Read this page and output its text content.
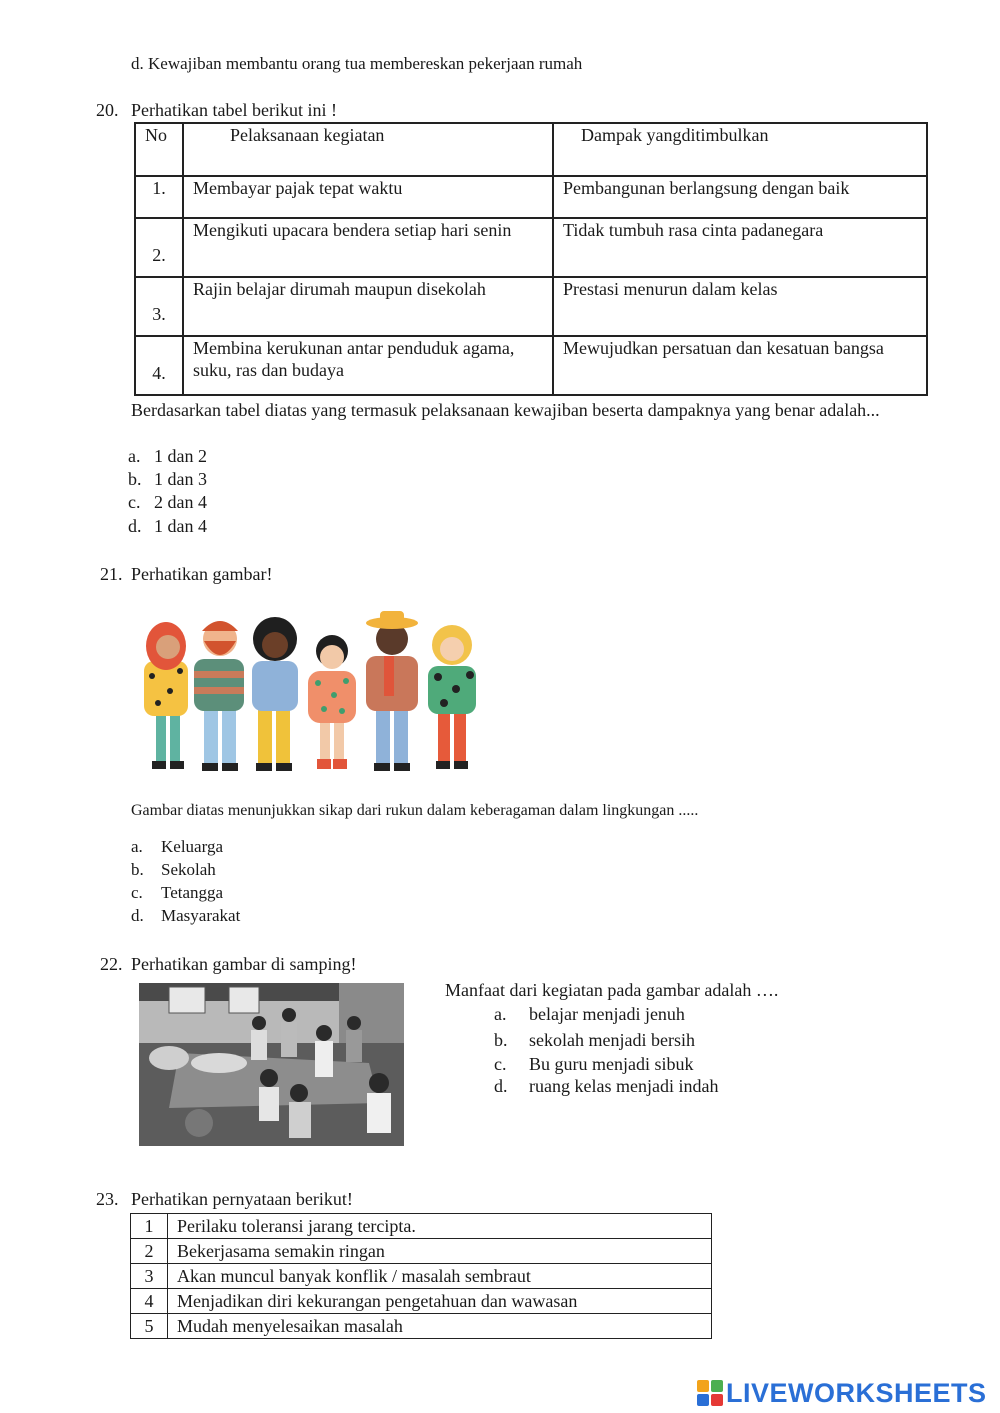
d. Kewajiban membantu orang tua membereskan pekerjaan rumah
20. Perhatikan tabel berikut ini !
No	Pelaksanaan kegiatan	Dampak yangditimbulkan
1.	Membayar pajak tepat waktu	Pembangunan berlangsung dengan baik
2.	Mengikuti upacara bendera setiap hari senin	Tidak tumbuh rasa cinta padanegara
3.	Rajin belajar dirumah maupun disekolah	Prestasi menurun dalam kelas
4.	Membina kerukunan antar penduduk agama, suku, ras dan budaya	Mewujudkan persatuan dan kesatuan bangsa
Berdasarkan tabel diatas yang termasuk pelaksanaan kewajiban beserta dampaknya yang benar adalah...
a. 1 dan 2
b. 1 dan 3
c. 2 dan 4
d. 1 dan 4
21. Perhatikan gambar!
Gambar diatas menunjukkan sikap dari rukun dalam keberagaman dalam lingkungan .....
a. Keluarga
b. Sekolah
c. Tetangga
d. Masyarakat
22. Perhatikan gambar di samping!
Manfaat dari kegiatan pada gambar adalah ….
a. belajar menjadi jenuh
b. sekolah menjadi bersih
c. Bu guru menjadi sibuk
d. ruang kelas menjadi indah
23. Perhatikan pernyataan berikut!
1	Perilaku toleransi jarang tercipta.
2	Bekerjasama semakin ringan
3	Akan muncul banyak konflik / masalah sembraut
4	Menjadikan diri kekurangan pengetahuan dan wawasan
5	Mudah menyelesaikan masalah
LIVEWORKSHEETS
